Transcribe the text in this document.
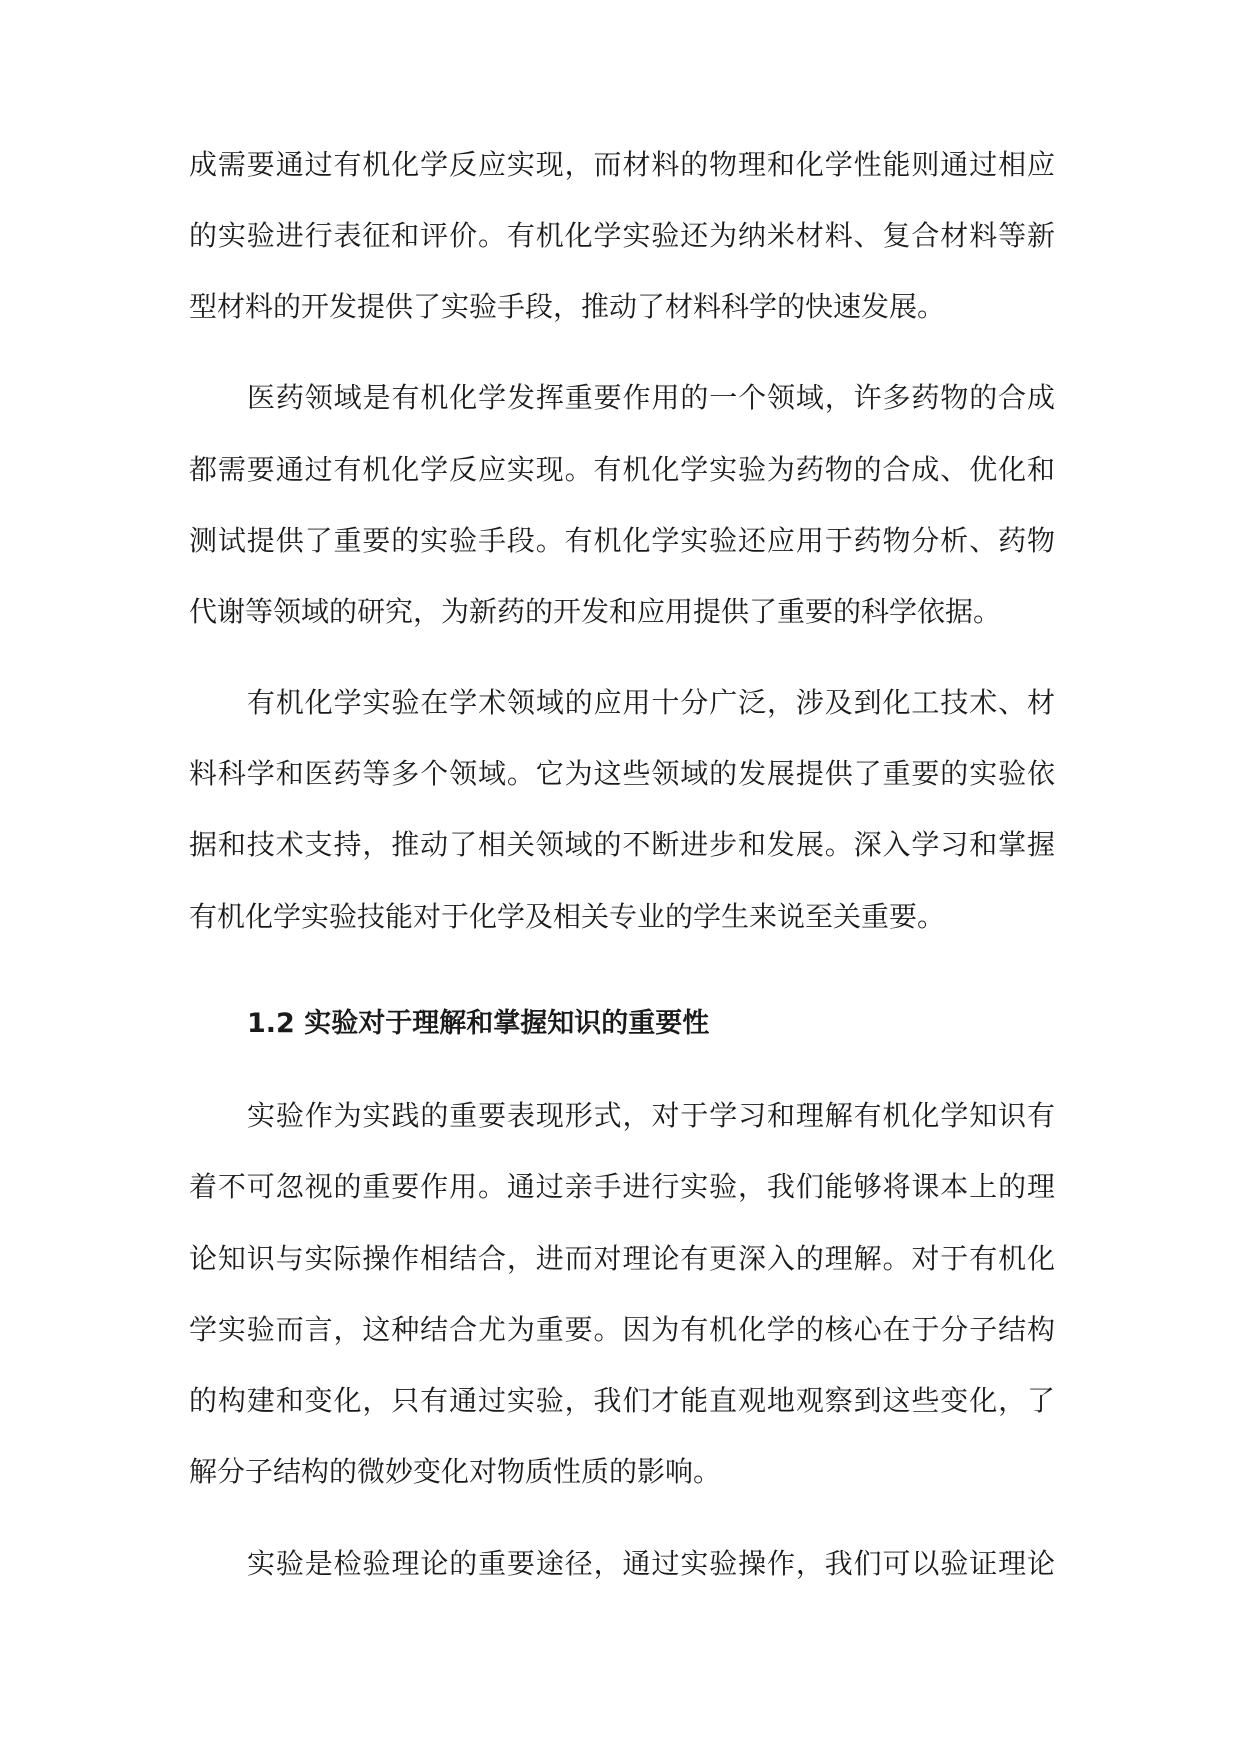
成需要通过有机化学反应实现，而材料的物理和化学性能则通过相应
的实验进行表征和评价。有机化学实验还为纳米材料、复合材料等新
型材料的开发提供了实验手段，推动了材料科学的快速发展。
医药领域是有机化学发挥重要作用的一个领域，许多药物的合成
都需要通过有机化学反应实现。有机化学实验为药物的合成、优化和
测试提供了重要的实验手段。有机化学实验还应用于药物分析、药物
代谢等领域的研究，为新药的开发和应用提供了重要的科学依据。
有机化学实验在学术领域的应用十分广泛，涉及到化工技术、材
料科学和医药等多个领域。它为这些领域的发展提供了重要的实验依
据和技术支持，推动了相关领域的不断进步和发展。深入学习和掌握
有机化学实验技能对于化学及相关专业的学生来说至关重要。
1.2 实验对于理解和掌握知识的重要性
实验作为实践的重要表现形式，对于学习和理解有机化学知识有
着不可忽视的重要作用。通过亲手进行实验，我们能够将课本上的理
论知识与实际操作相结合，进而对理论有更深入的理解。对于有机化
学实验而言，这种结合尤为重要。因为有机化学的核心在于分子结构
的构建和变化，只有通过实验，我们才能直观地观察到这些变化，了
解分子结构的微妙变化对物质性质的影响。
实验是检验理论的重要途径，通过实验操作，我们可以验证理论
